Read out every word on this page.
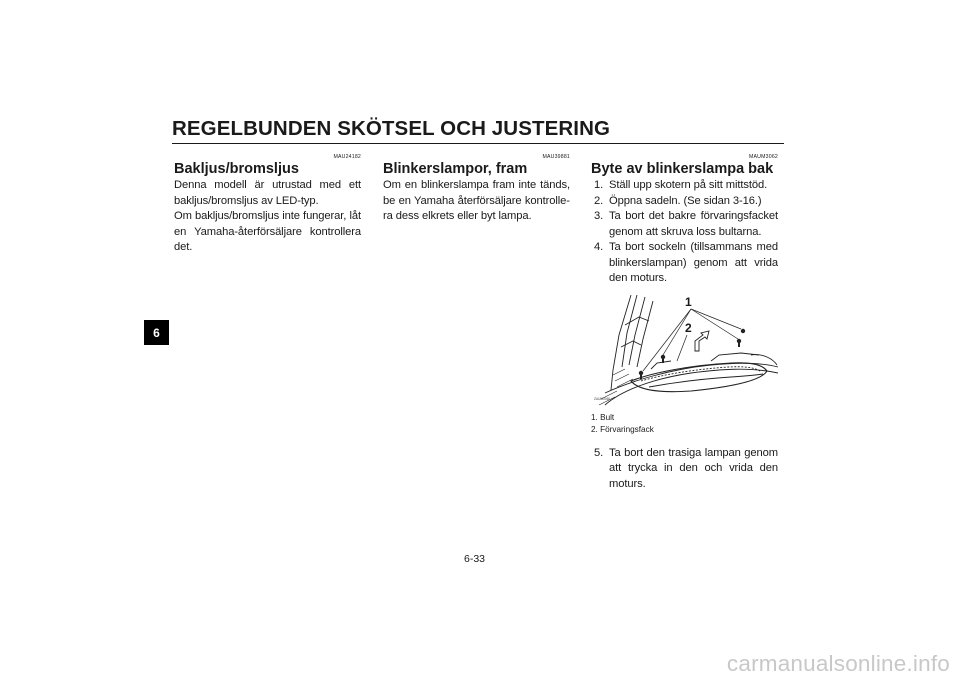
REGELBUNDEN SKÖTSEL OCH JUSTERING
6
MAU24182
Bakljus/bromsljus

Denna modell är utrustad med ett bakljus/bromsljus av LED-typ.

Om bakljus/bromsljus inte fungerar, låt en Yamaha-återförsäljare kontrollera det.

MAU39881
Blinkerslampor, fram

Om en blinkerslampa fram inte tänds, be en Yamaha återförsäljare kontrollera dess elkrets eller byt lampa.

MAUM3062
Byte av blinkerslampa bak
1. Ställ upp skotern på sitt mittstöd.
2. Öppna sadeln. (Se sidan 3-16.)
3. Ta bort det bakre förvaringsfacket genom att skruva loss bultarna.
4. Ta bort sockeln (tillsammans med blinkerslampan) genom att vrida den moturs.
1
2
ZAUM0060
1. Bult
2. Förvaringsfack
5. Ta bort den trasiga lampan genom att trycka in den och vrida den moturs.
6-33
carmanualsonline.info
